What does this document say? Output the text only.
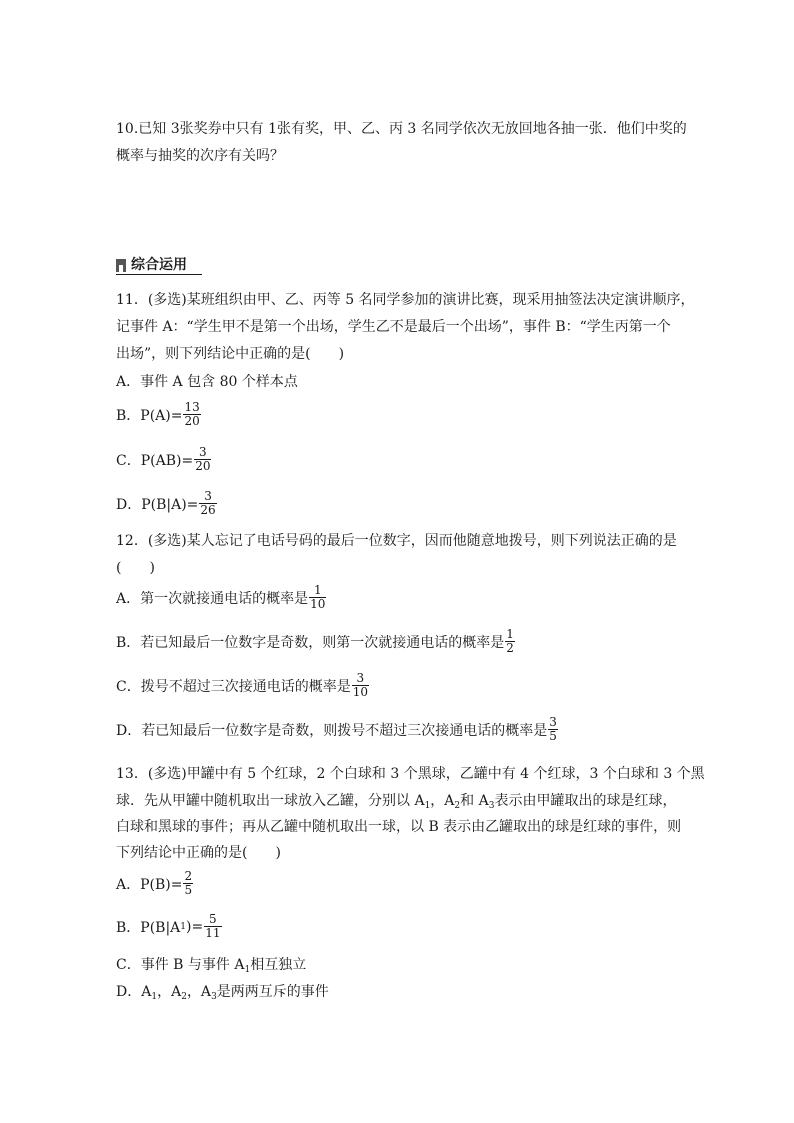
10.已知 3张奖券中只有 1张有奖，甲、乙、丙 3 名同学依次无放回地各抽一张．他们中奖的
概率与抽奖的次序有关吗？
综合运用
11．(多选)某班组织由甲、乙、丙等 5 名同学参加的演讲比赛，现采用抽签法决定演讲顺序，
记事件 A：“学生甲不是第一个出场，学生乙不是最后一个出场”，事件 B：“学生丙第一个
出场”，则下列结论中正确的是(　　)
A．事件 A 包含 80 个样本点
B．$P(A)= \frac{13}{20}$
C．$P(AB)= \frac{3}{20}$
D．$P(B|A)= \frac{3}{26}$
12．(多选)某人忘记了电话号码的最后一位数字，因而他随意地拨号，则下列说法正确的是
(　　)
A．第一次就接通电话的概率是 $\frac{1}{10}$
B．若已知最后一位数字是奇数，则第一次就接通电话的概率是 $\frac{1}{2}$
C．拨号不超过三次接通电话的概率是 $\frac{3}{10}$
D．若已知最后一位数字是奇数，则拨号不超过三次接通电话的概率是 $\frac{3}{5}$
13．(多选)甲罐中有 5 个红球，2 个白球和 3 个黑球，乙罐中有 4 个红球，3 个白球和 3 个黑
球．先从甲罐中随机取出一球放入乙罐，分别以 $A_1$，$A_2$和 $A_3$表示由甲罐取出的球是红球，
白球和黑球的事件；再从乙罐中随机取出一球，以 B 表示由乙罐取出的球是红球的事件，则
下列结论中正确的是(　　)
A．$P(B)= \frac{2}{5}$
B．P(B|A 1 )= $\frac{5}{11}$
C．事件 B 与事件 $A_1$相互独立
D．$A_1$，$A_2$，$A_3$是两两互斥的事件
